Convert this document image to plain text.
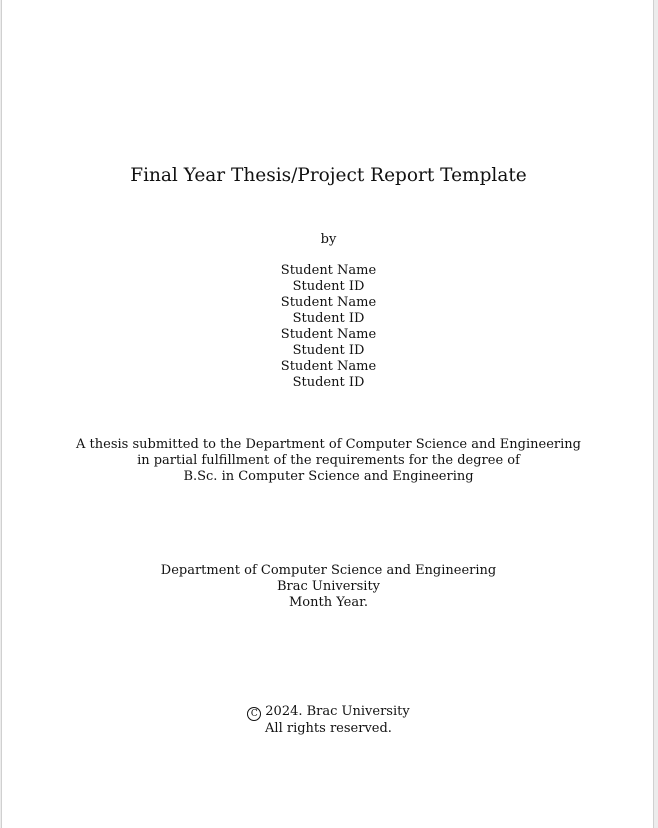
Final Year Thesis/Project Report Template
by
Student Name
Student ID
Student Name
Student ID
Student Name
Student ID
Student Name
Student ID
A thesis submitted to the Department of Computer Science and Engineering
in partial fulfillment of the requirements for the degree of
B.Sc. in Computer Science and Engineering
Department of Computer Science and Engineering
Brac University
Month Year.
C 2024. Brac University
All rights reserved.
